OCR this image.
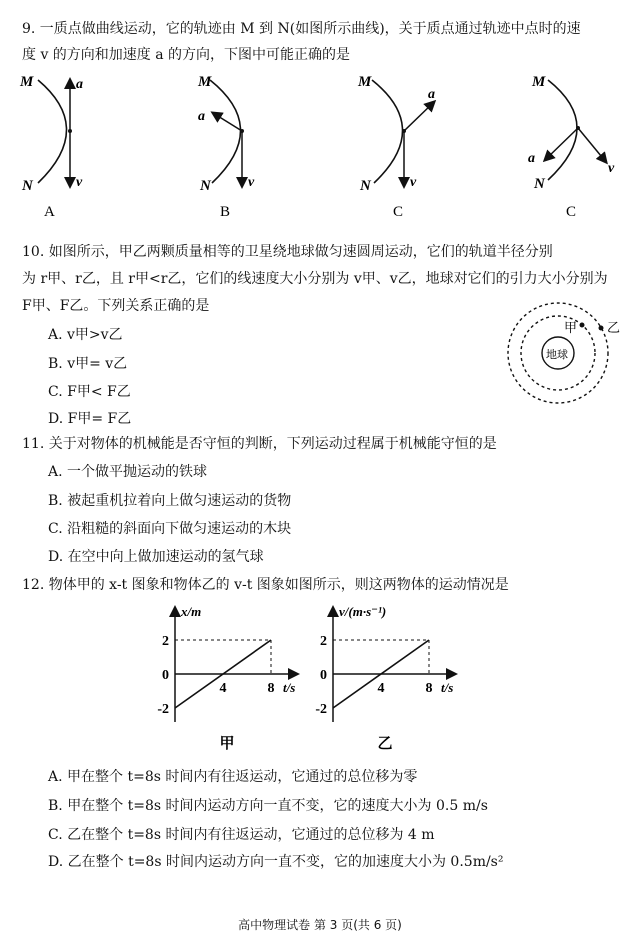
9. 一质点做曲线运动，它的轨迹由 M 到 N(如图所示曲线)，关于质点通过轨迹中点时的速
度 v 的方向和加速度 a 的方向，下图中可能正确的是
M
N
a
v
A
M
N
a
v
B
M
N
a
v
C
M
N
a
v
C
10. 如图所示，甲乙两颗质量相等的卫星绕地球做匀速圆周运动，它们的轨道半径分别
为 r甲、r乙，且 r甲<r乙，它们的线速度大小分别为 v甲、v乙，地球对它们的引力大小分别为
F甲、F乙。下列关系正确的是
A. v甲>v乙
B. v甲= v乙
C. F甲< F乙
D. F甲= F乙
地球
甲 乙
11. 关于对物体的机械能是否守恒的判断，下列运动过程属于机械能守恒的是
A. 一个做平抛运动的铁球
B. 被起重机拉着向上做匀速运动的货物
C. 沿粗糙的斜面向下做匀速运动的木块
D. 在空中向上做加速运动的氢气球
12. 物体甲的 x-t 图象和物体乙的 v-t 图象如图所示，则这两物体的运动情况是
2
0
-2
4	8
x/m
t/s
甲
2
0
-2
4	8
v/(m·s⁻¹)
t/s
乙
A. 甲在整个 t=8s 时间内有往返运动，它通过的总位移为零
B. 甲在整个 t=8s 时间内运动方向一直不变，它的速度大小为 0.5 m/s
C. 乙在整个 t=8s 时间内有往返运动，它通过的总位移为 4 m
D. 乙在整个 t=8s 时间内运动方向一直不变，它的加速度大小为 0.5m/s²
高中物理试卷 第 3 页(共 6 页)
